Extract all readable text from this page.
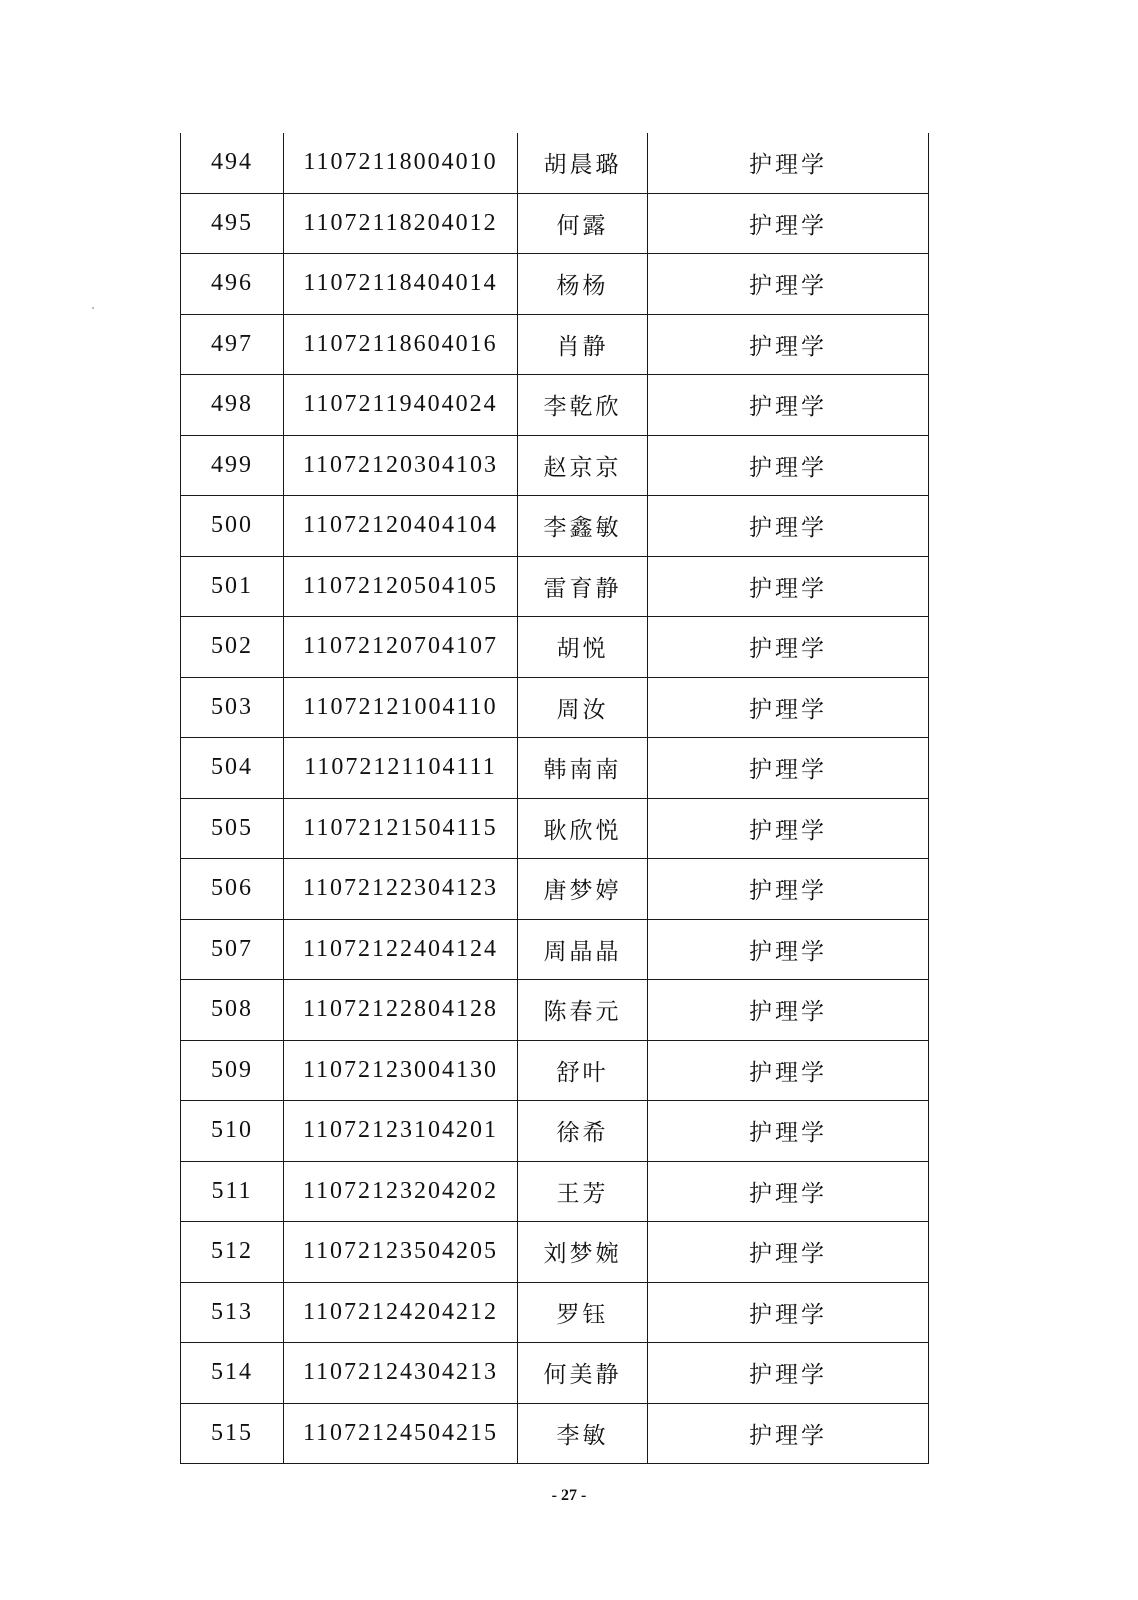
494	11072118004010	胡晨璐	护理学
495	11072118204012	何露	护理学
496	11072118404014	杨杨	护理学
497	11072118604016	肖静	护理学
498	11072119404024	李乾欣	护理学
499	11072120304103	赵京京	护理学
500	11072120404104	李鑫敏	护理学
501	11072120504105	雷育静	护理学
502	11072120704107	胡悦	护理学
503	11072121004110	周汝	护理学
504	11072121104111	韩南南	护理学
505	11072121504115	耿欣悦	护理学
506	11072122304123	唐梦婷	护理学
507	11072122404124	周晶晶	护理学
508	11072122804128	陈春元	护理学
509	11072123004130	舒叶	护理学
510	11072123104201	徐希	护理学
511	11072123204202	王芳	护理学
512	11072123504205	刘梦婉	护理学
513	11072124204212	罗钰	护理学
514	11072124304213	何美静	护理学
515	11072124504215	李敏	护理学
- 27 -
